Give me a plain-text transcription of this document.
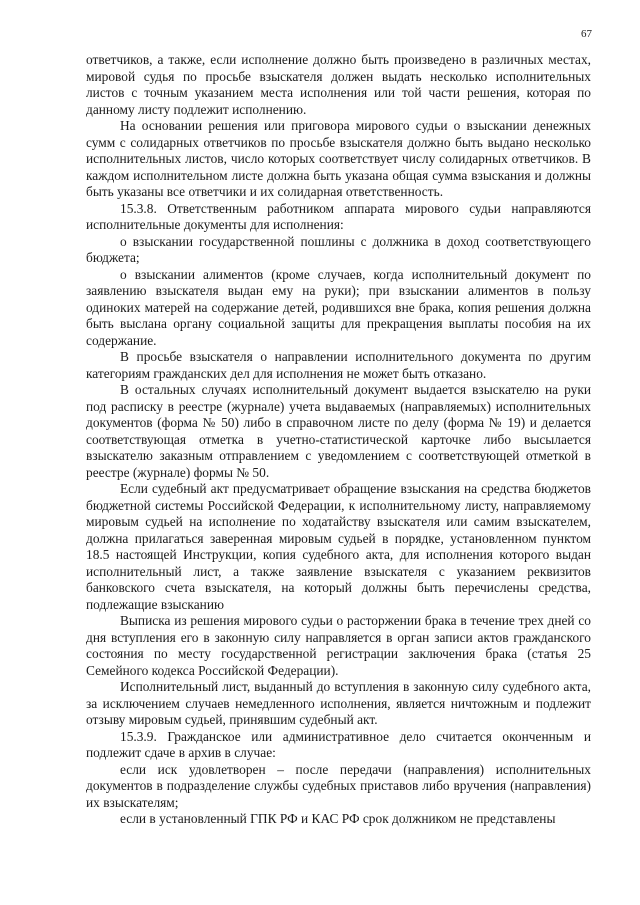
67

ответчиков, а также, если исполнение должно быть произведено в различных местах, мировой судья по просьбе взыскателя должен выдать несколько исполнительных листов с точным указанием места исполнения или той части решения, которая по данному листу подлежит исполнению.

На основании решения или приговора мирового судьи о взыскании денежных сумм с солидарных ответчиков по просьбе взыскателя должно быть выдано несколько исполнительных листов, число которых соответствует числу солидарных ответчиков. В каждом исполнительном листе должна быть указана общая сумма взыскания и должны быть указаны все ответчики и их солидарная ответственность.

15.3.8. Ответственным работником аппарата мирового судьи направляются исполнительные документы для исполнения:

о взыскании государственной пошлины с должника в доход соответствующего бюджета;

о взыскании алиментов (кроме случаев, когда исполнительный документ по заявлению взыскателя выдан ему на руки); при взыскании алиментов в пользу одиноких матерей на содержание детей, родившихся вне брака, копия решения должна быть выслана органу социальной защиты для прекращения выплаты пособия на их содержание.

В просьбе взыскателя о направлении исполнительного документа по другим категориям гражданских дел для исполнения не может быть отказано.

В остальных случаях исполнительный документ выдается взыскателю на руки под расписку в реестре (журнале) учета выдаваемых (направляемых) исполнительных документов (форма № 50) либо в справочном листе по делу (форма № 19) и делается соответствующая отметка в учетно-статистической карточке либо высылается взыскателю заказным отправлением с уведомлением с соответствующей отметкой в реестре (журнале) формы № 50.

Если судебный акт предусматривает обращение взыскания на средства бюджетов бюджетной системы Российской Федерации, к исполнительному листу, направляемому мировым судьей на исполнение по ходатайству взыскателя или самим взыскателем, должна прилагаться заверенная мировым судьей в порядке, установленном пунктом 18.5 настоящей Инструкции, копия судебного акта, для исполнения которого выдан исполнительный лист, а также заявление взыскателя с указанием реквизитов банковского счета взыскателя, на который должны быть перечислены средства, подлежащие взысканию

Выписка из решения мирового судьи о расторжении брака в течение трех дней со дня вступления его в законную силу направляется в орган записи актов гражданского состояния по месту государственной регистрации заключения брака (статья 25 Семейного кодекса Российской Федерации).

Исполнительный лист, выданный до вступления в законную силу судебного акта, за исключением случаев немедленного исполнения, является ничтожным и подлежит отзыву мировым судьей, принявшим судебный акт.

15.3.9. Гражданское или административное дело считается оконченным и подлежит сдаче в архив в случае:

если иск удовлетворен – после передачи (направления) исполнительных документов в подразделение службы судебных приставов либо вручения (направления) их взыскателям;

если в установленный ГПК РФ и КАС РФ срок должником не представлены
